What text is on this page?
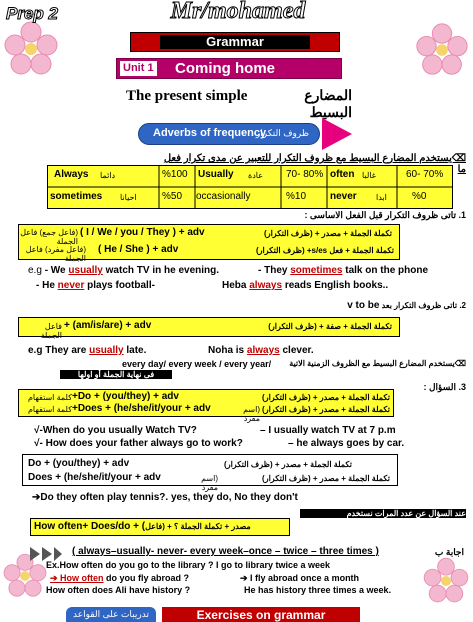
Prep 2	Mr/mohamed
Grammar
Unit 1 Coming home
The present simple	المضارع البسيط
Adverbs of frequency
ظروف التكرار
⌫يستخدم المضارع البسيط مع ظروف التكرار للتعبير عن مدى تكرار فعل ما
Always دائما	%100 Usually عادة 70- 80% often غالبا	60- 70%
sometimes احيانا	%50 occasionally	%10 never ابدا	%0
1. تاتى ظروف التكرار قبل الفعل الاساسى :
(فاعل جمع) فاعل الجملة
( I / We / you / They ) + adv	تكملة الجملة + مصدر + (ظرف التكرار)
(فاعل مفرد) فاعل الجملة
( He / She ) + adv	تكملة الجملة + فعل s/es+ (ظرف التكرار)
e.g - We usually watch TV in he evening.	- They sometimes talk on the phone
- He never plays football-	Heba always reads English books..
2. تاتى ظروف التكرار بعد v to be
فاعل الجملة
+ (am/is/are) + adv	تكملة الجملة + صفة + (ظرف التكرار)
e.g They are usually late.	Noha is always clever.
⌫يستخدم المضارع البسيط مع الظروف الزمنية الاتية
every day/ every week / every year/
فى نهاية الجملة أو اولها
3. السؤال :
كلمة استفهام +Do + (you/they) + adv	تكملة الجملة + مصدر + (ظرف التكرار)
كلمة استفهام +Does + (he/she/it/your + adv	(اسم مفرد
تكملة الجملة + مصدر + (ظرف التكرار)
√-When do you usually Watch TV?	– I usually watch TV at 7 p.m
√- How does your father always go to work?	– he always goes by car.
Do + (you/they) + adv	تكملة الجملة + مصدر + (ظرف التكرار)
Does + (he/she/it/your + adv	(اسم مفرد
تكملة الجملة + مصدر + (ظرف التكرار)
➔Do they often play tennis?. yes, they do, No they don't
عند السؤال عن عدد المرات نستخدم
How often+ Does/do + (فاعل) + مصدر + تكملة الجملة ؟
( always–usually- never- every week–once – twice – three times )	اجابة ب
Ex.How often do you go to the library ? I go to library twice a week
➔ How often do you fly abroad ?	➔ I fly abroad once a month
How often does Ali have history ?	He has history three times a week.
تدريبات على القواعد	Exercises on grammar
